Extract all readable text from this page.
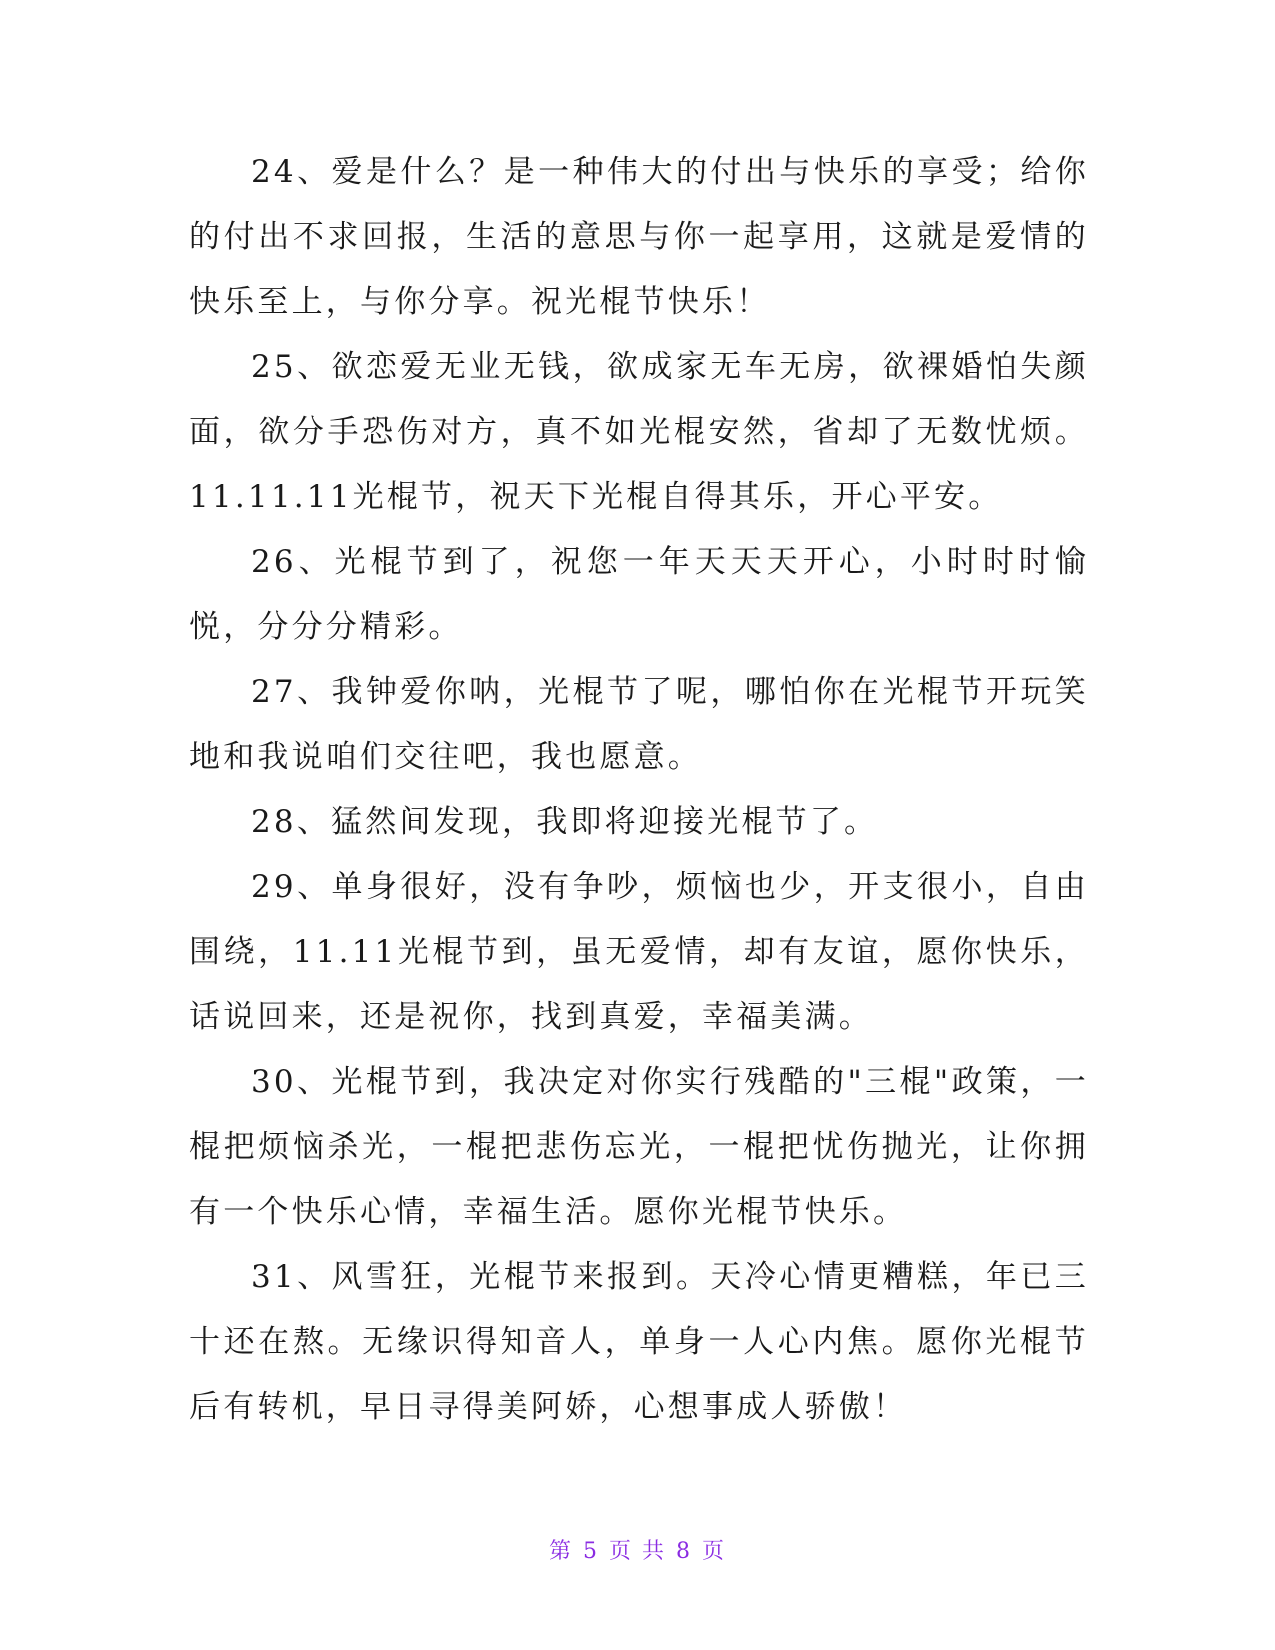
24、爱是什么？是一种伟大的付出与快乐的享受；给你的付出不求回报，生活的意思与你一起享用，这就是爱情的快乐至上，与你分享。祝光棍节快乐！

25、欲恋爱无业无钱，欲成家无车无房，欲裸婚怕失颜面，欲分手恐伤对方，真不如光棍安然，省却了无数忧烦。11.11.11光棍节，祝天下光棍自得其乐，开心平安。

26、光棍节到了，祝您一年天天天开心，小时时时愉悦，分分分精彩。

27、我钟爱你呐，光棍节了呢，哪怕你在光棍节开玩笑地和我说咱们交往吧，我也愿意。

28、猛然间发现，我即将迎接光棍节了。

29、单身很好，没有争吵，烦恼也少，开支很小，自由围绕，11.11光棍节到，虽无爱情，却有友谊，愿你快乐，话说回来，还是祝你，找到真爱，幸福美满。

30、光棍节到，我决定对你实行残酷的"三棍"政策，一棍把烦恼杀光，一棍把悲伤忘光，一棍把忧伤抛光，让你拥有一个快乐心情，幸福生活。愿你光棍节快乐。

31、风雪狂，光棍节来报到。天冷心情更糟糕，年已三十还在熬。无缘识得知音人，单身一人心内焦。愿你光棍节后有转机，早日寻得美阿娇，心想事成人骄傲！

第 5 页 共 8 页
